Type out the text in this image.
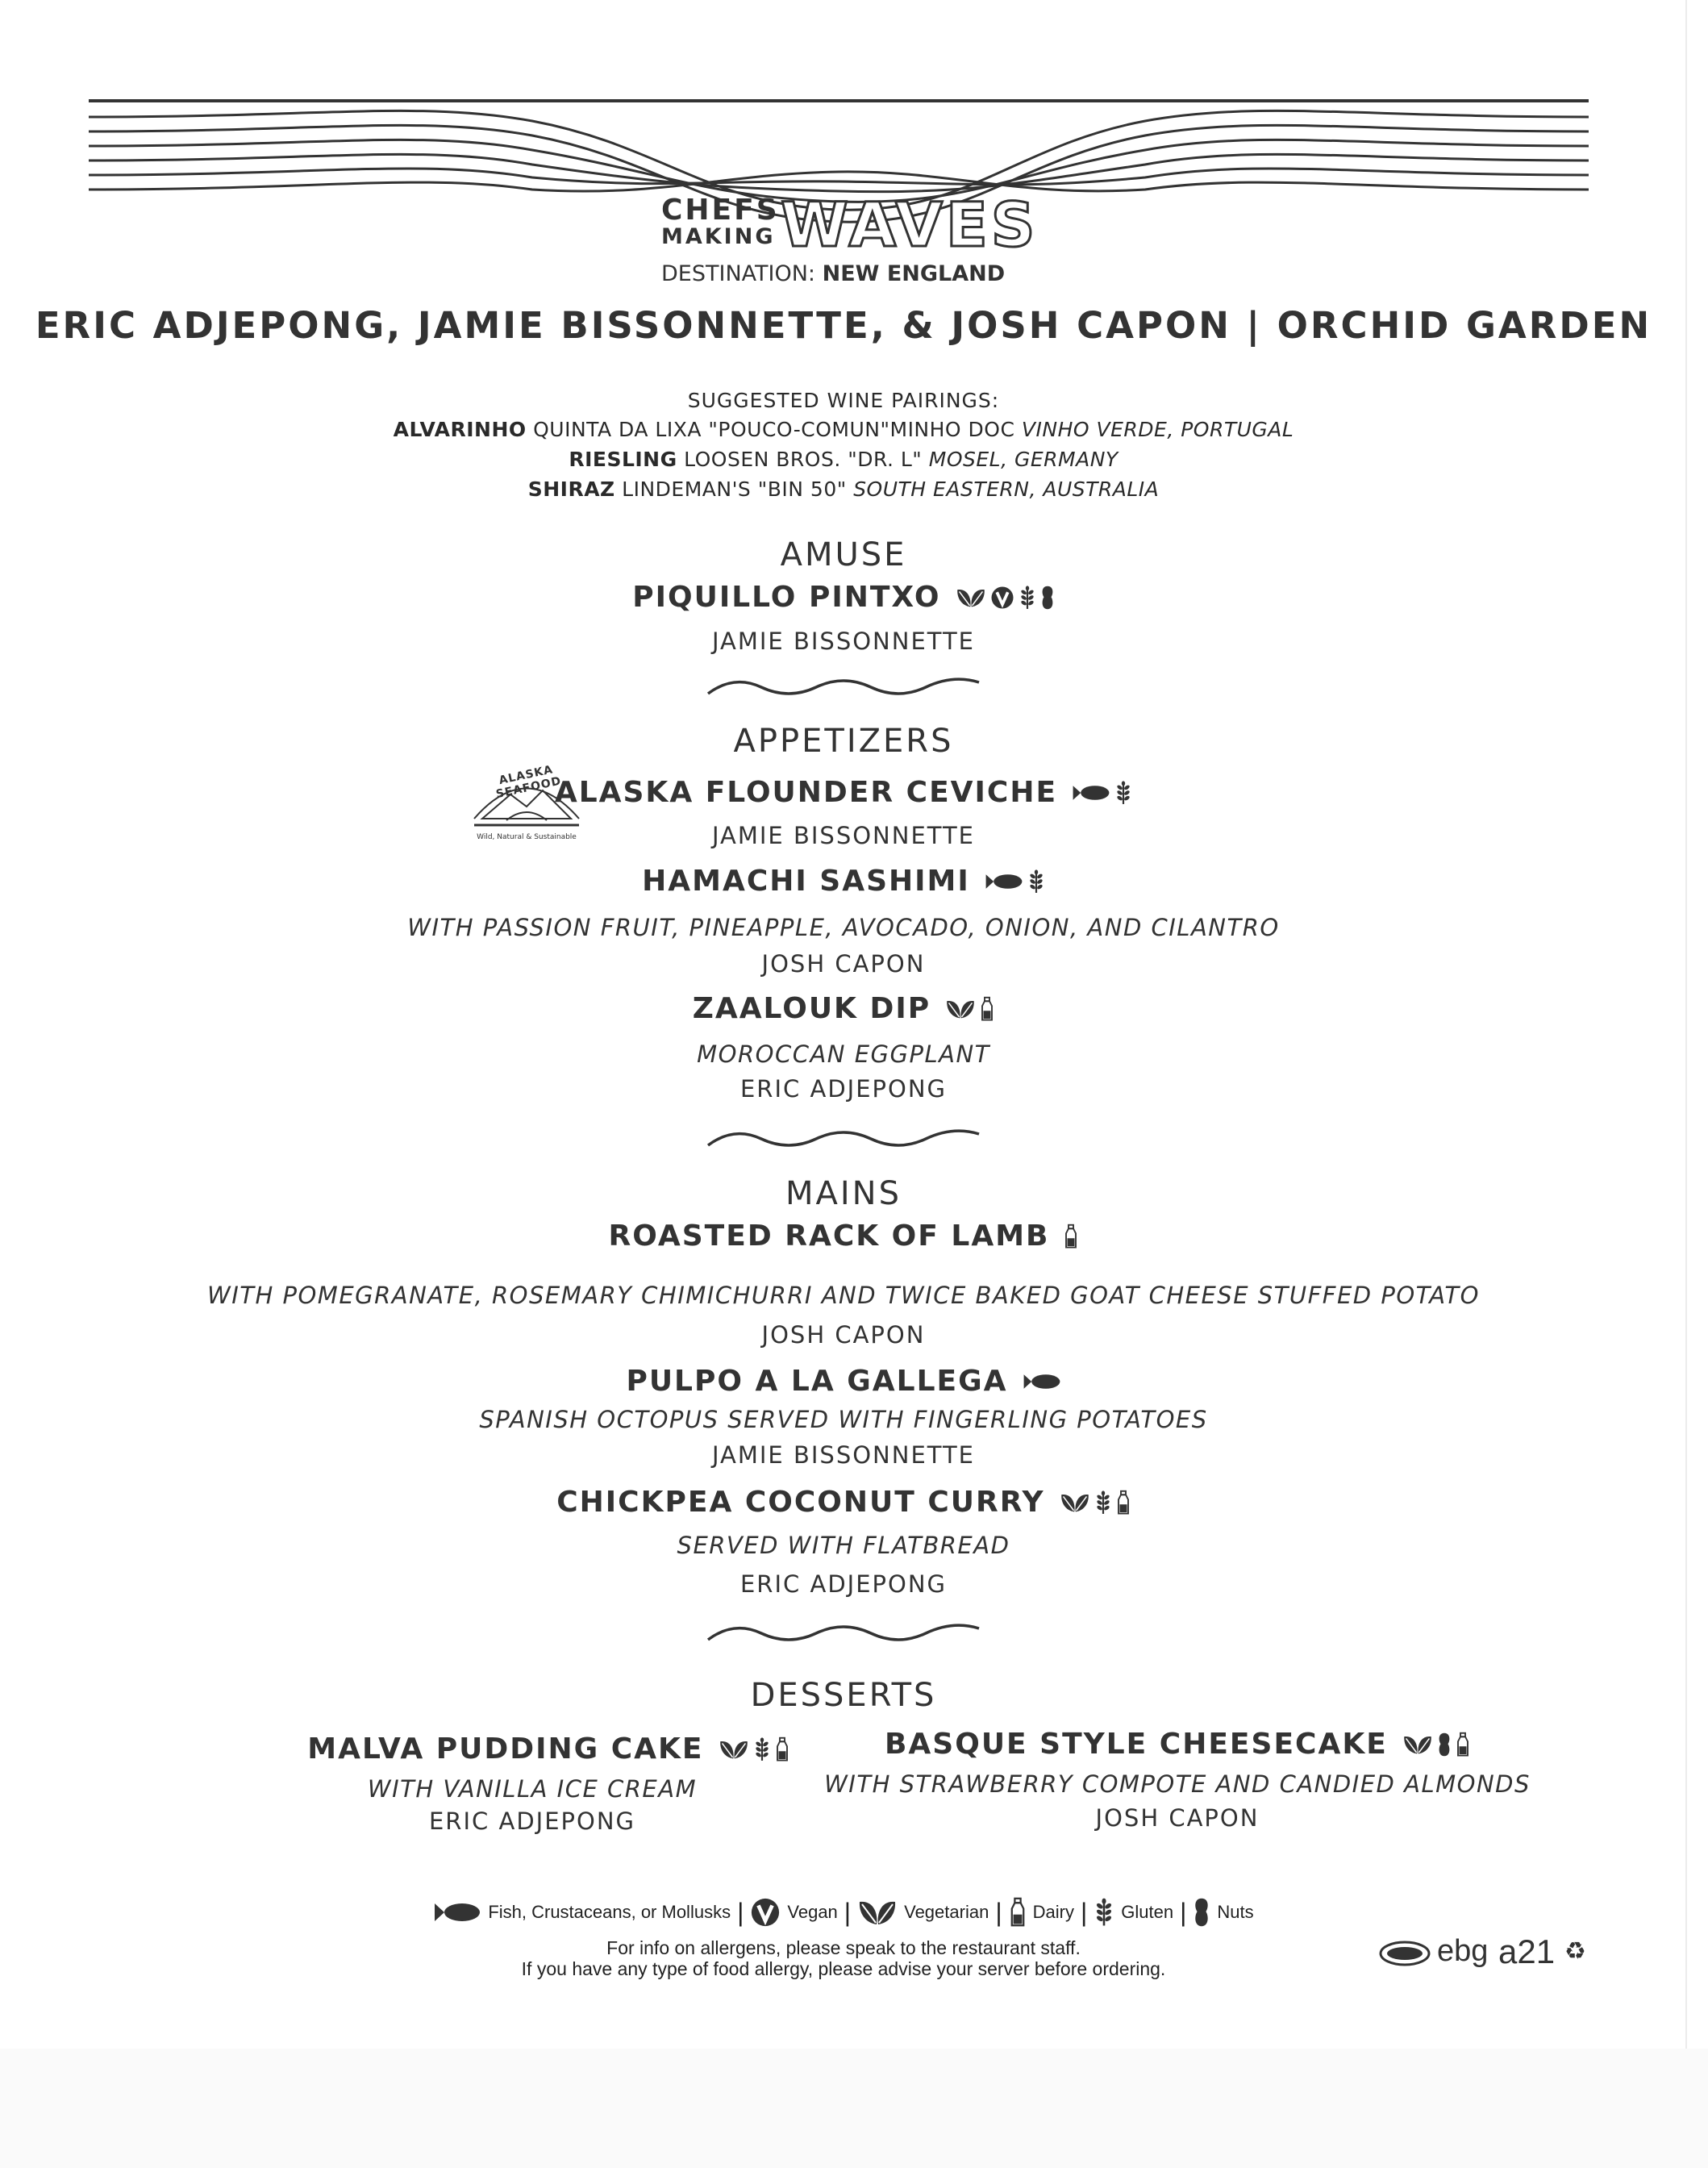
CHEFS
MAKING WAVES
DESTINATION: NEW ENGLAND
ERIC ADJEPONG, JAMIE BISSONNETTE, & JOSH CAPON | ORCHID GARDEN
SUGGESTED WINE PAIRINGS:
ALVARINHO QUINTA DA LIXA "POUCO-COMUN"MINHO DOC VINHO VERDE, PORTUGAL
RIESLING LOOSEN BROS. "DR. L" MOSEL, GERMANY
SHIRAZ LINDEMAN'S "BIN 50" SOUTH EASTERN, AUSTRALIA
AMUSE
PIQUILLO PINTXO

JAMIE BISSONNETTE
APPETIZERS
ALASKA SEAFOOD
Wild, Natural & Sustainable
ALASKA FLOUNDER CEVICHE

JAMIE BISSONNETTE
HAMACHI SASHIMI

WITH PASSION FRUIT, PINEAPPLE, AVOCADO, ONION, AND CILANTRO
JOSH CAPON
ZAALOUK DIP

MOROCCAN EGGPLANT
ERIC ADJEPONG
MAINS
ROASTED RACK OF LAMB
WITH POMEGRANATE, ROSEMARY CHIMICHURRI AND TWICE BAKED GOAT CHEESE STUFFED POTATO
JOSH CAPON
PULPO A LA GALLEGA
SPANISH OCTOPUS SERVED WITH FINGERLING POTATOES
JAMIE BISSONNETTE
CHICKPEA COCONUT CURRY

SERVED WITH FLATBREAD
ERIC ADJEPONG
DESSERTS
MALVA PUDDING CAKE

WITH VANILLA ICE CREAM
ERIC ADJEPONG
BASQUE STYLE CHEESECAKE

WITH STRAWBERRY COMPOTE AND CANDIED ALMONDS
JOSH CAPON
Fish, Crustaceans, or Mollusks | Vegan |	Vegetarian | Dairy | Gluten | Nuts
For info on allergens, please speak to the restaurant staff.
If you have any type of food allergy, please advise your server before ordering.
ebg a21 ♻
